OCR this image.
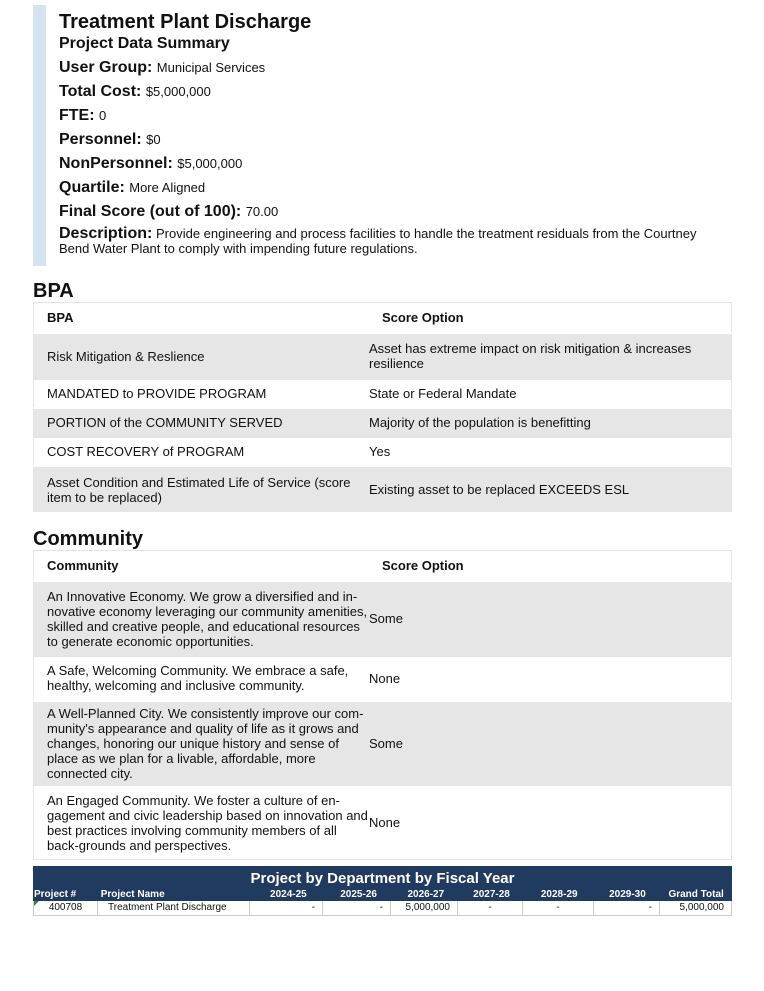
Treatment Plant Discharge
Project Data Summary
User Group: Municipal Services
Total Cost: $5,000,000
FTE: 0
Personnel: $0
NonPersonnel: $5,000,000
Quartile: More Aligned
Final Score (out of 100): 70.00
Description: Provide engineering and process facilities to handle the treatment residuals from the Courtney Bend Water Plant to comply with impending future regulations.
BPA
BPA	Score Option
Risk Mitigation & Reslience	Asset has extreme impact on risk mitigation & increases resilience
MANDATED to PROVIDE PROGRAM	State or Federal Mandate
PORTION of the COMMUNITY SERVED	Majority of the population is benefitting
COST RECOVERY of PROGRAM	Yes
Asset Condition and Estimated Life of Service (score item to be replaced)	Existing asset to be replaced EXCEEDS ESL
Community
Community	Score Option
An Innovative Economy. We grow a diversified and in-novative economy leveraging our community amenities, skilled and creative people, and educational resources to generate economic opportunities.	Some
A Safe, Welcoming Community. We embrace a safe, healthy, welcoming and inclusive community.	None
A Well-Planned City. We consistently improve our com-munity's appearance and quality of life as it grows and changes, honoring our unique history and sense of place as we plan for a livable, affordable, more connected city.	Some
An Engaged Community. We foster a culture of en-gagement and civic leadership based on innovation and best practices involving community members of all back-grounds and perspectives.	None
Project by Department by Fiscal Year
Project #	Project Name	2024-25	2025-26	2026-27	2027-28	2028-29	2029-30	Grand Total
400708	Treatment Plant Discharge	-	-	5,000,000	-	-	-	5,000,000
